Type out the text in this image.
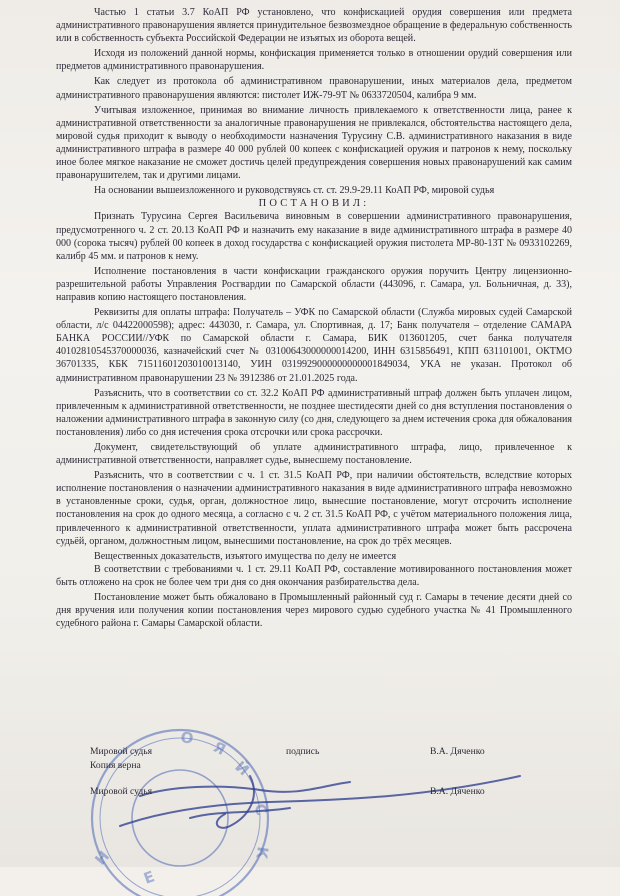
Частью 1 статьи 3.7 КоАП РФ установлено, что конфискацией орудия совершения или предмета административного правонарушения является принудительное безвозмездное обращение в федеральную собственность или в собственность субъекта Российской Федерации не изъятых из оборота вещей.

Исходя из положений данной нормы, конфискация применяется только в отношении орудий совершения или предметов административного правонарушения.

Как следует из протокола об административном правонарушении, иных материалов дела, предметом административного правонарушения являются: пистолет ИЖ-79-9Т № 0633720504, калибра 9 мм.

Учитывая изложенное, принимая во внимание личность привлекаемого к ответственности лица, ранее к административной ответственности за аналогичные правонарушения не привлекался, обстоятельства настоящего дела, мировой судья приходит к выводу о необходимости назначения Турусину С.В. административного наказания в виде административного штрафа в размере 40 000 рублей 00 копеек с конфискацией оружия и патронов к нему, поскольку иное более мягкое наказание не сможет достичь целей предупреждения совершения новых правонарушений как самим правонарушителем, так и другими лицами.

На основании вышеизложенного и руководствуясь ст. ст. 29.9-29.11 КоАП РФ, мировой судья

ПОСТАНОВИЛ:

Признать Турусина Сергея Васильевича виновным в совершении административного правонарушения, предусмотренного ч. 2 ст. 20.13 КоАП РФ и назначить ему наказание в виде административного штрафа в размере 40 000 (сорока тысяч) рублей 00 копеек в доход государства с конфискацией оружия пистолета МР-80-13Т № 0933102269, калибр 45 мм. и патронов к нему.

Исполнение постановления в части конфискации гражданского оружия поручить Центру лицензионно-разрешительной работы Управления Росгвардии по Самарской области (443096, г. Самара, ул. Больничная, д. 33), направив копию настоящего постановления.

Реквизиты для оплаты штрафа: Получатель – УФК по Самарской области (Служба мировых судей Самарской области, л/с 04422000598); адрес: 443030, г. Самара, ул. Спортивная, д. 17; Банк получателя – отделение САМАРА БАНКА РОССИИ//УФК по Самарской области г. Самара, БИК 013601205, счет банка получателя 40102810545370000036, казначейский счет № 03100643000000014200, ИНН 6315856491, КПП 631101001, ОКТМО 36701335, КБК 71511601203010013140, УИН 0319929000000000001849034, УКА не указан. Протокол об административном правонарушении 23 № 3912386 от 21.01.2025 года.

Разъяснить, что в соответствии со ст. 32.2 КоАП РФ административный штраф должен быть уплачен лицом, привлеченным к административной ответственности, не позднее шестидесяти дней со дня вступления постановления о наложении административного штрафа в законную силу (со дня, следующего за днем истечения срока для обжалования постановления) либо со дня истечения срока отсрочки или срока рассрочки.

Документ, свидетельствующий об уплате административного штрафа, лицо, привлеченное к административной ответственности, направляет судье, вынесшему постановление.

Разъяснить, что в соответствии с ч. 1 ст. 31.5 КоАП РФ, при наличии обстоятельств, вследствие которых исполнение постановления о назначении административного наказания в виде административного штрафа невозможно в установленные сроки, судья, орган, должностное лицо, вынесшие постановление, могут отсрочить исполнение постановления на срок до одного месяца, а согласно с ч. 2 ст. 31.5 КоАП РФ, с учётом материального положения лица, привлеченного к административной ответственности, уплата административного штрафа может быть рассрочена судьёй, органом, должностным лицом, вынесшими постановление, на срок до трёх месяцев.

Вещественных доказательств, изъятого имущества по делу не имеется

В соответствии с требованиями ч. 1 ст. 29.11 КоАП РФ, составление мотивированного постановления может быть отложено на срок не более чем три дня со дня окончания разбирательства дела.

Постановление может быть обжаловано в Промышленный районный суд г. Самары в течение десяти дней со дня вручения или получения копии постановления через мирового судью судебного участка № 41 Промышленного судебного района г. Самары Самарской области.

Я
Й
О
С
К
Е
Н
Мировой судья	подпись	В.А. Дяченко
Копия верна
Мировой судья	В.А. Дяченко
